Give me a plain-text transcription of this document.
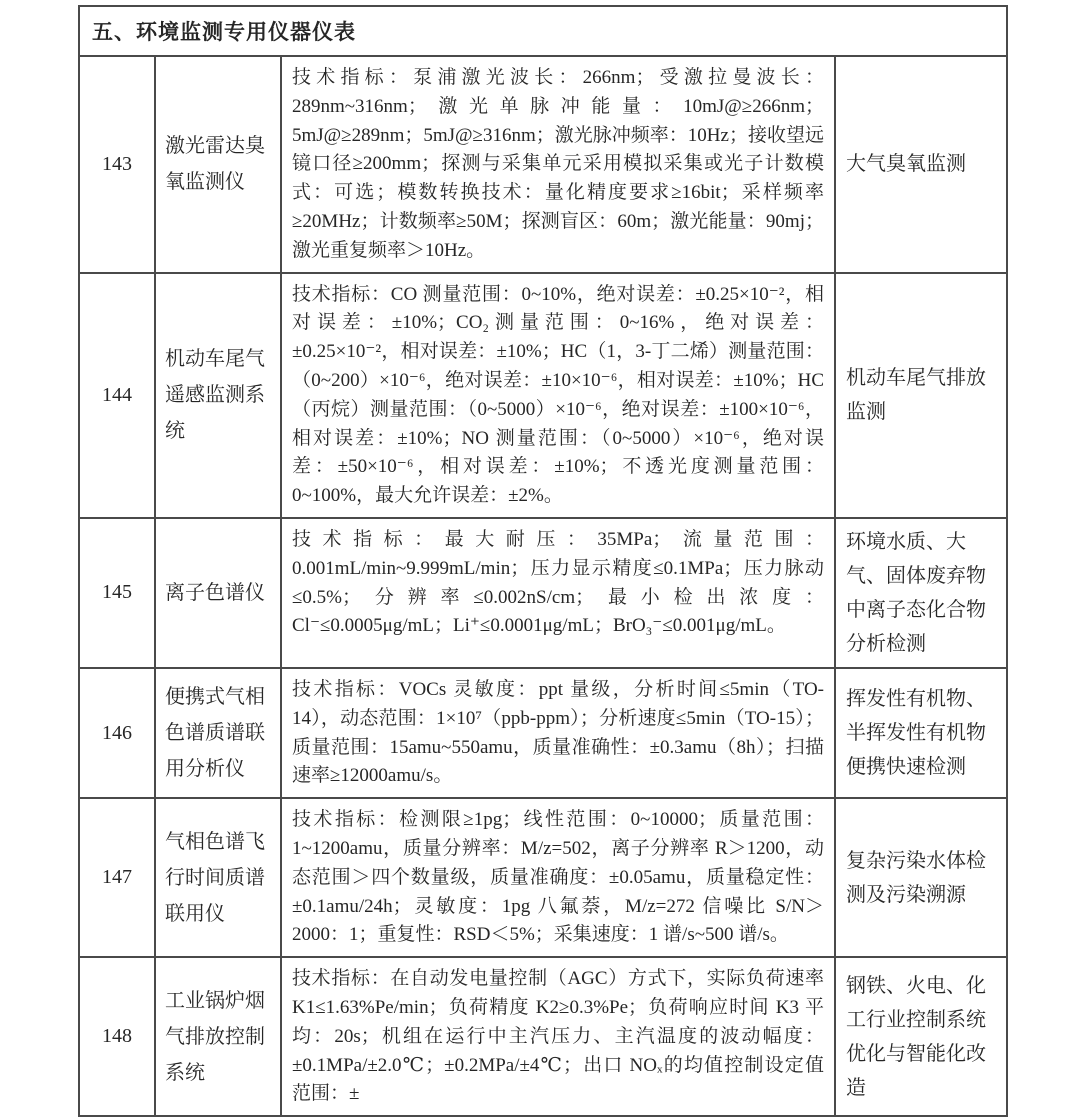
五、环境监测专用仪器仪表
143
激光雷达臭氧监测仪
技术指标：泵浦激光波长：266nm；受激拉曼波长：289nm~316nm；激光单脉冲能量：10mJ@≥266nm；5mJ@≥289nm；5mJ@≥316nm；激光脉冲频率：10Hz；接收望远镜口径≥200mm；探测与采集单元采用模拟采集或光子计数模式：可选；模数转换技术：量化精度要求≥16bit；采样频率≥20MHz；计数频率≥50M；探测盲区：60m；激光能量：90mj；激光重复频率＞10Hz。
大气臭氧监测
144
机动车尾气遥感监测系统
技术指标：CO 测量范围：0~10%，绝对误差：±0.25×10⁻²，相对误差：±10%；CO₂测量范围：0~16%，绝对误差：±0.25×10⁻²，相对误差：±10%；HC（1，3-丁二烯）测量范围：（0~200）×10⁻⁶，绝对误差：±10×10⁻⁶，相对误差：±10%；HC（丙烷）测量范围：（0~5000）×10⁻⁶，绝对误差：±100×10⁻⁶，相对误差：±10%；NO 测量范围：（0~5000）×10⁻⁶，绝对误差：±50×10⁻⁶，相对误差：±10%；不透光度测量范围：0~100%，最大允许误差：±2%。
机动车尾气排放监测
145	离子色谱仪
技术指标：最大耐压：35MPa；流量范围：0.001mL/min~9.999mL/min；压力显示精度≤0.1MPa；压力脉动≤0.5%；分辨率≤0.002nS/cm；最小检出浓度：Cl⁻≤0.0005μg/mL；Li⁺≤0.0001μg/mL；BrO₃⁻≤0.001μg/mL。
环境水质、大气、固体废弃物中离子态化合物分析检测
146
便携式气相色谱质谱联用分析仪
技术指标：VOCs 灵敏度：ppt 量级，分析时间≤5min（TO-14），动态范围：1×10⁷（ppb-ppm）；分析速度≤5min（TO-15）；质量范围：15amu~550amu，质量准确性：±0.3amu（8h）；扫描速率≥12000amu/s。
挥发性有机物、半挥发性有机物便携快速检测
147
气相色谱飞行时间质谱联用仪
技术指标：检测限≥1pg；线性范围：0~10000；质量范围：1~1200amu，质量分辨率：M/z=502，离子分辨率 R＞1200，动态范围＞四个数量级，质量准确度：±0.05amu，质量稳定性：±0.1amu/24h；灵敏度：1pg 八氟萘，M/z=272 信噪比 S/N＞2000：1；重复性：RSD＜5%；采集速度：1 谱/s~500 谱/s。
复杂污染水体检测及污染溯源
148
工业锅炉烟气排放控制系统
技术指标：在自动发电量控制（AGC）方式下，实际负荷速率 K1≤1.63%Pe/min；负荷精度 K2≥0.3%Pe；负荷响应时间 K3 平均：20s；机组在运行中主汽压力、主汽温度的波动幅度：±0.1MPa/±2.0℃；±0.2MPa/±4℃；出口 NOₓ的均值控制设定值范围：±
钢铁、火电、化工行业控制系统优化与智能化改造
